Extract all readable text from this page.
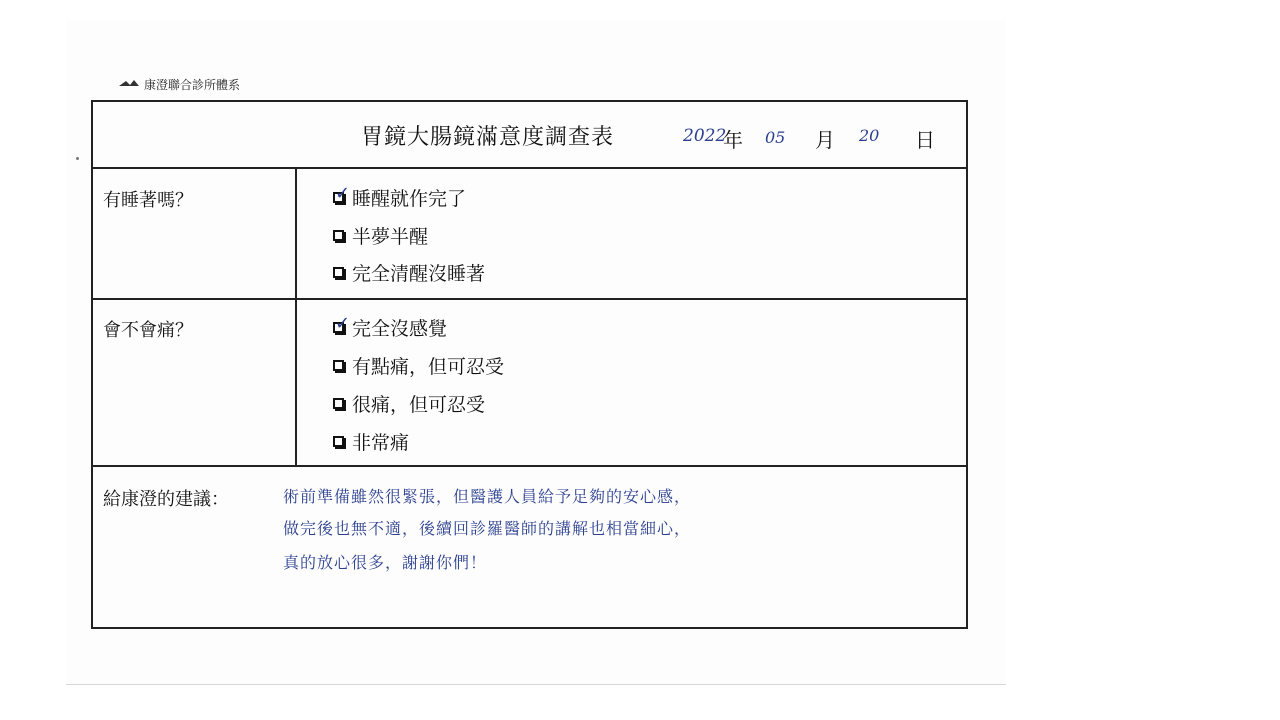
康澄聯合診所體系
胃鏡大腸鏡滿意度調查表	2022
年 05 月 20 日
有睡著嗎？	✓ 睡醒就作完了
半夢半醒
完全清醒沒睡著
會不會痛？	✓ 完全沒感覺
有點痛，但可忍受
很痛，但可忍受
非常痛
給康澄的建議：	術前準備雖然很緊張，但醫護人員給予足夠的安心感，
做完後也無不適，後續回診羅醫師的講解也相當細心，
真的放心很多，謝謝你們！
